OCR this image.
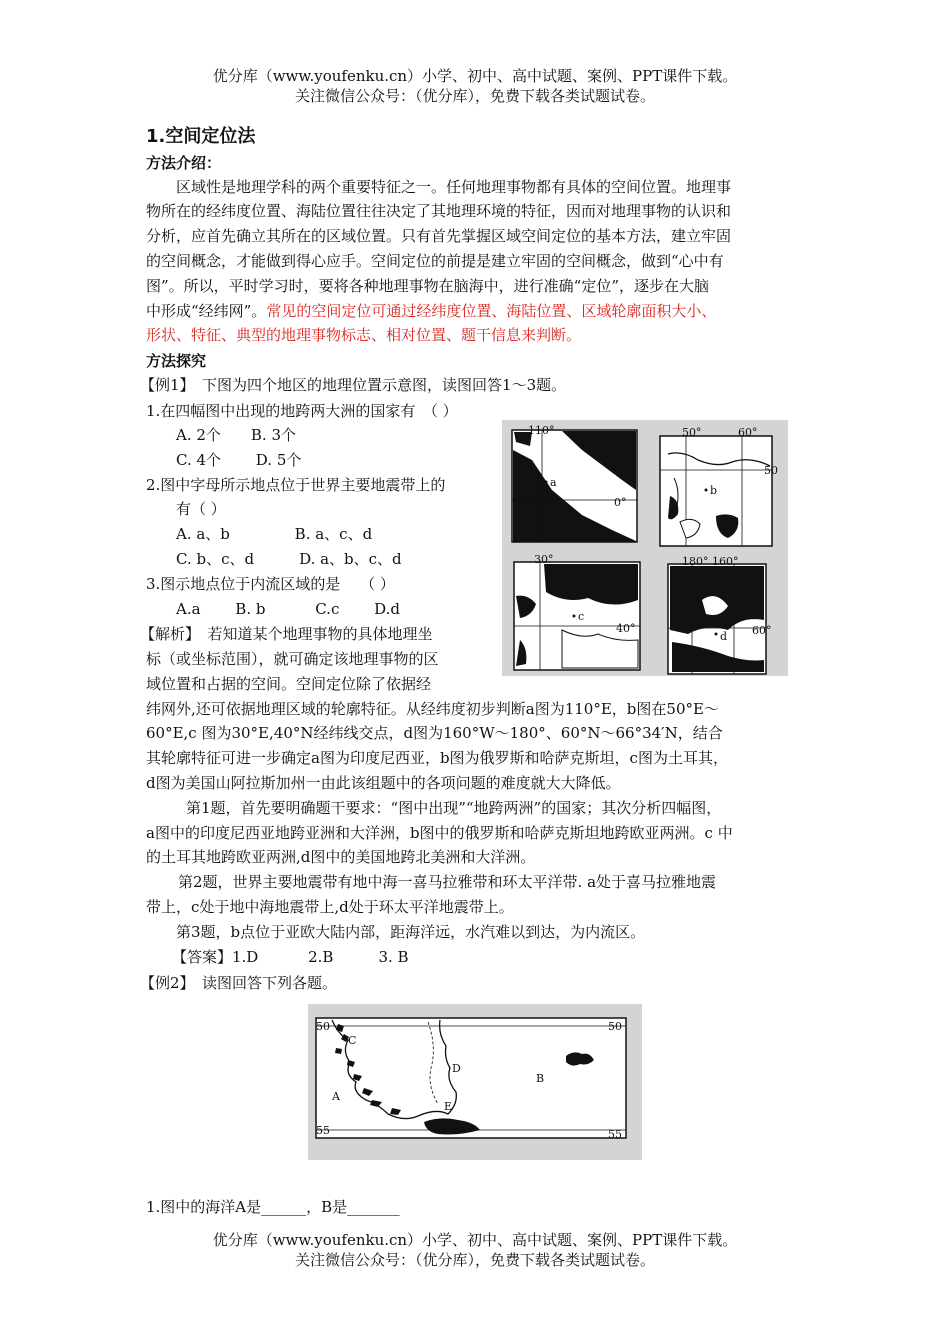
优分库（www.youfenku.cn）小学、初中、高中试题、案例、PPT课件下载。
关注微信公众号：（优分库），免费下载各类试题试卷。
1.空间定位法
方法介绍：
区域性是地理学科的两个重要特征之一。任何地理事物都有具体的空间位置。地理事
物所在的经纬度位置、海陆位置往往决定了其地理环境的特征，因而对地理事物的认识和
分析，应首先确立其所在的区域位置。只有首先掌握区域空间定位的基本方法，建立牢固
的空间概念，才能做到得心应手。空间定位的前提是建立牢固的空间概念，做到“心中有
图”。所以，平时学习时，要将各种地理事物在脑海中，进行准确“定位”，逐步在大脑
中形成“经纬网”。常见的空间定位可通过经纬度位置、海陆位置、区域轮廓面积大小、
形状、特征、典型的地理事物标志、相对位置、题干信息来判断。
方法探究
【例1】　下图为四个地区的地理位置示意图，读图回答1～3题。
1.在四幅图中出现的地跨两大洲的国家有　（ ）
A. 2个　　B. 3个
C. 4个　　 D. 5个
2.图中字母所示地点位于世界主要地震带上的
有（ ）
A. a、b　　　　 B. a、c、d
C. b、c、d　　　D. a、b、c、d
3.图示地点位于内流区域的是　 （ ）
A.a　　 B. b　　　 C.c　　 D.d
【解析】　若知道某个地理事物的具体地理坐
标（或坐标范围），就可确定该地理事物的区
域位置和占据的空间。空间定位除了依据经
纬网外,还可依据地理区域的轮廓特征。从经纬度初步判断a图为110°E，b图在50°E～
60°E,c 图为30°E,40°N经纬线交点，d图为160°W～180°、60°N～66°34′N，结合
其轮廓特征可进一步确定a图为印度尼西亚，b图为俄罗斯和哈萨克斯坦，c图为土耳其，
d图为美国山阿拉斯加州一由此该组题中的各项问题的难度就大大降低。
第1题，首先要明确题干要求：“图中出现”“地跨两洲”的国家；其次分析四幅图，
a图中的印度尼西亚地跨亚洲和大洋洲，b图中的俄罗斯和哈萨克斯坦地跨欧亚两洲。c 中
的土耳其地跨欧亚两洲,d图中的美国地跨北美洲和大洋洲。
第2题，世界主要地震带有地中海一喜马拉雅带和环太平洋带. a处于喜马拉雅地震
带上，c处于地中海地震带上,d处于环太平洋地震带上。
第3题，b点位于亚欧大陆内部，距海洋远，水汽难以到达，为内流区。
【答案】1.D　　　 2.B　　　3. B
110°
0°
a
50°	60°
50
b
30°
40°
c
180° 160°
60°
d
【例2】　读图回答下列各题。
50	50
55	55
A
B
C
D
E
1.图中的海洋A是______，B是_______
优分库（www.youfenku.cn）小学、初中、高中试题、案例、PPT课件下载。
关注微信公众号：（优分库），免费下载各类试题试卷。
